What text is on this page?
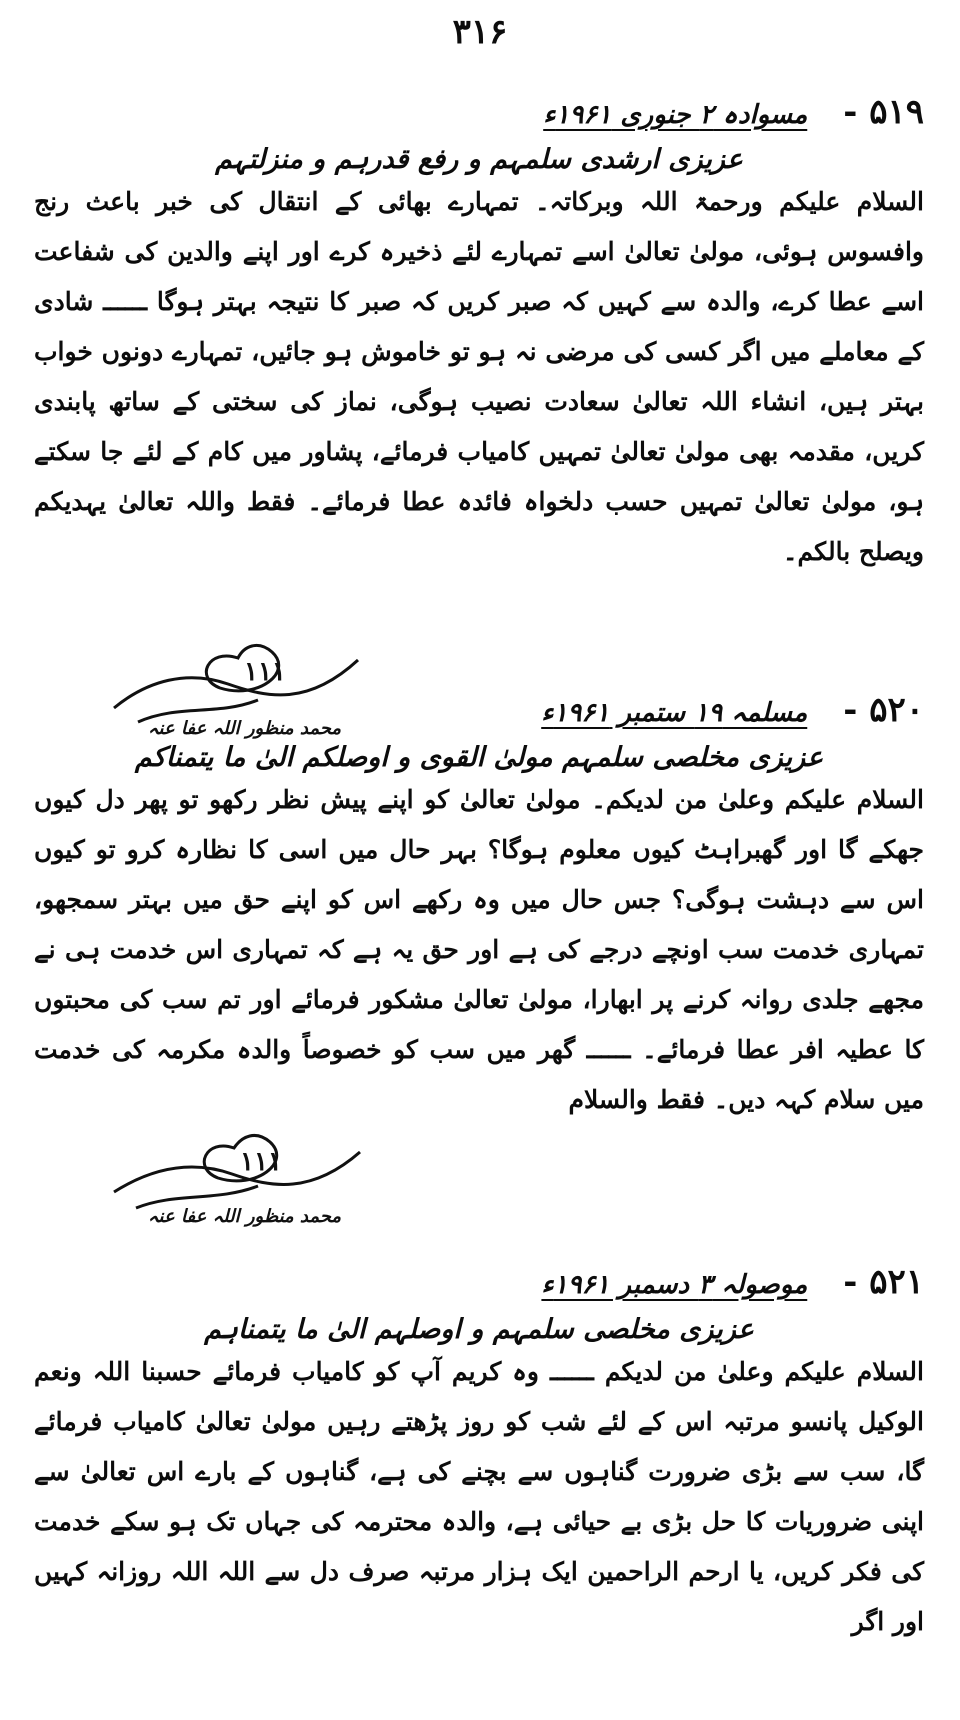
۳۱۶
۵۱۹ -
مسوادہ ۲ جنوری ۱۹۶۱ء
عزیزی ارشدی سلمہم و رفع قدرہم و منزلتہم
السلام علیکم ورحمۃ اللہ وبرکاتہ۔ تمہارے بھائی کے انتقال کی خبر باعث رنج وافسوس ہوئی، مولیٰ تعالیٰ اسے تمہارے لئے ذخیرہ کرے اور اپنے والدین کی شفاعت اسے عطا کرے، والدہ سے کہیں کہ صبر کریں کہ صبر کا نتیجہ بہتر ہوگا ــــــ شادی کے معاملے میں اگر کسی کی مرضی نہ ہو تو خاموش ہو جائیں، تمہارے دونوں خواب بہتر ہیں، انشاء اللہ تعالیٰ سعادت نصیب ہوگی، نماز کی سختی کے ساتھ پابندی کریں، مقدمہ بھی مولیٰ تعالیٰ تمہیں کامیاب فرمائے، پشاور میں کام کے لئے جا سکتے ہو، مولیٰ تعالیٰ تمہیں حسب دلخواہ فائدہ عطا فرمائے۔ فقط واللہ تعالیٰ یہدیکم ویصلح بالکم۔
۱۱۱
محمد منظور اللہ عفا عنہ	۵۲۰ -
مسلمہ ۱۹ ستمبر ۱۹۶۱ء
عزیزی مخلصی سلمہم مولیٰ القوی و اوصلکم الیٰ ما یتمناکم
السلام علیکم وعلیٰ من لدیکم۔ مولیٰ تعالیٰ کو اپنے پیش نظر رکھو تو پھر دل کیوں جھکے گا اور گھبراہٹ کیوں معلوم ہوگا؟ بہر حال میں اسی کا نظارہ کرو تو کیوں اس سے دہشت ہوگی؟ جس حال میں وہ رکھے اس کو اپنے حق میں بہتر سمجھو، تمہاری خدمت سب اونچے درجے کی ہے اور حق یہ ہے کہ تمہاری اس خدمت ہی نے مجھے جلدی روانہ کرنے پر ابھارا، مولیٰ تعالیٰ مشکور فرمائے اور تم سب کی محبتوں کا عطیہ افر عطا فرمائے۔ ــــــ گھر میں سب کو خصوصاً والدہ مکرمہ کی خدمت میں سلام کہہ دیں۔ فقط والسلام
۱۱۱
محمد منظور اللہ عفا عنہ
۵۲۱ -
موصولہ ۳ دسمبر ۱۹۶۱ء
عزیزی مخلصی سلمہم و اوصلہم الیٰ ما یتمناہم
السلام علیکم وعلیٰ من لدیکم ــــــ وہ کریم آپ کو کامیاب فرمائے حسبنا اللہ ونعم الوکیل پانسو مرتبہ اس کے لئے شب کو روز پڑھتے رہیں مولیٰ تعالیٰ کامیاب فرمائے گا، سب سے بڑی ضرورت گناہوں سے بچنے کی ہے، گناہوں کے بارے اس تعالیٰ سے اپنی ضروریات کا حل بڑی بے حیائی ہے، والدہ محترمہ کی جہاں تک ہو سکے خدمت کی فکر کریں، یا ارحم الراحمین ایک ہزار مرتبہ صرف دل سے اللہ اللہ روزانہ کہیں اور اگر
